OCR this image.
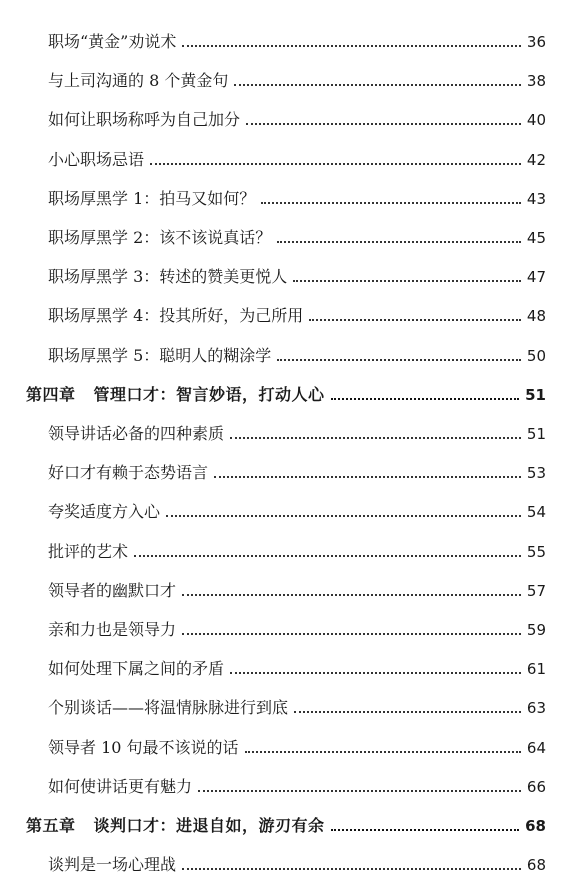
职场“黄金”劝说术	36
与上司沟通的 8 个黄金句	38
如何让职场称呼为自己加分	40
小心职场忌语	42
职场厚黑学 1：拍马又如何？	43
职场厚黑学 2：该不该说真话？	45
职场厚黑学 3：转述的赞美更悦人	47
职场厚黑学 4：投其所好，为己所用	48
职场厚黑学 5：聪明人的糊涂学	50
第四章 管理口才：智言妙语，打动人心	51
领导讲话必备的四种素质	51
好口才有赖于态势语言	53
夸奖适度方入心	54
批评的艺术	55
领导者的幽默口才	57
亲和力也是领导力	59
如何处理下属之间的矛盾	61
个别谈话——将温情脉脉进行到底	63
领导者 10 句最不该说的话	64
如何使讲话更有魅力	66
第五章 谈判口才：进退自如，游刃有余	68
谈判是一场心理战	68
